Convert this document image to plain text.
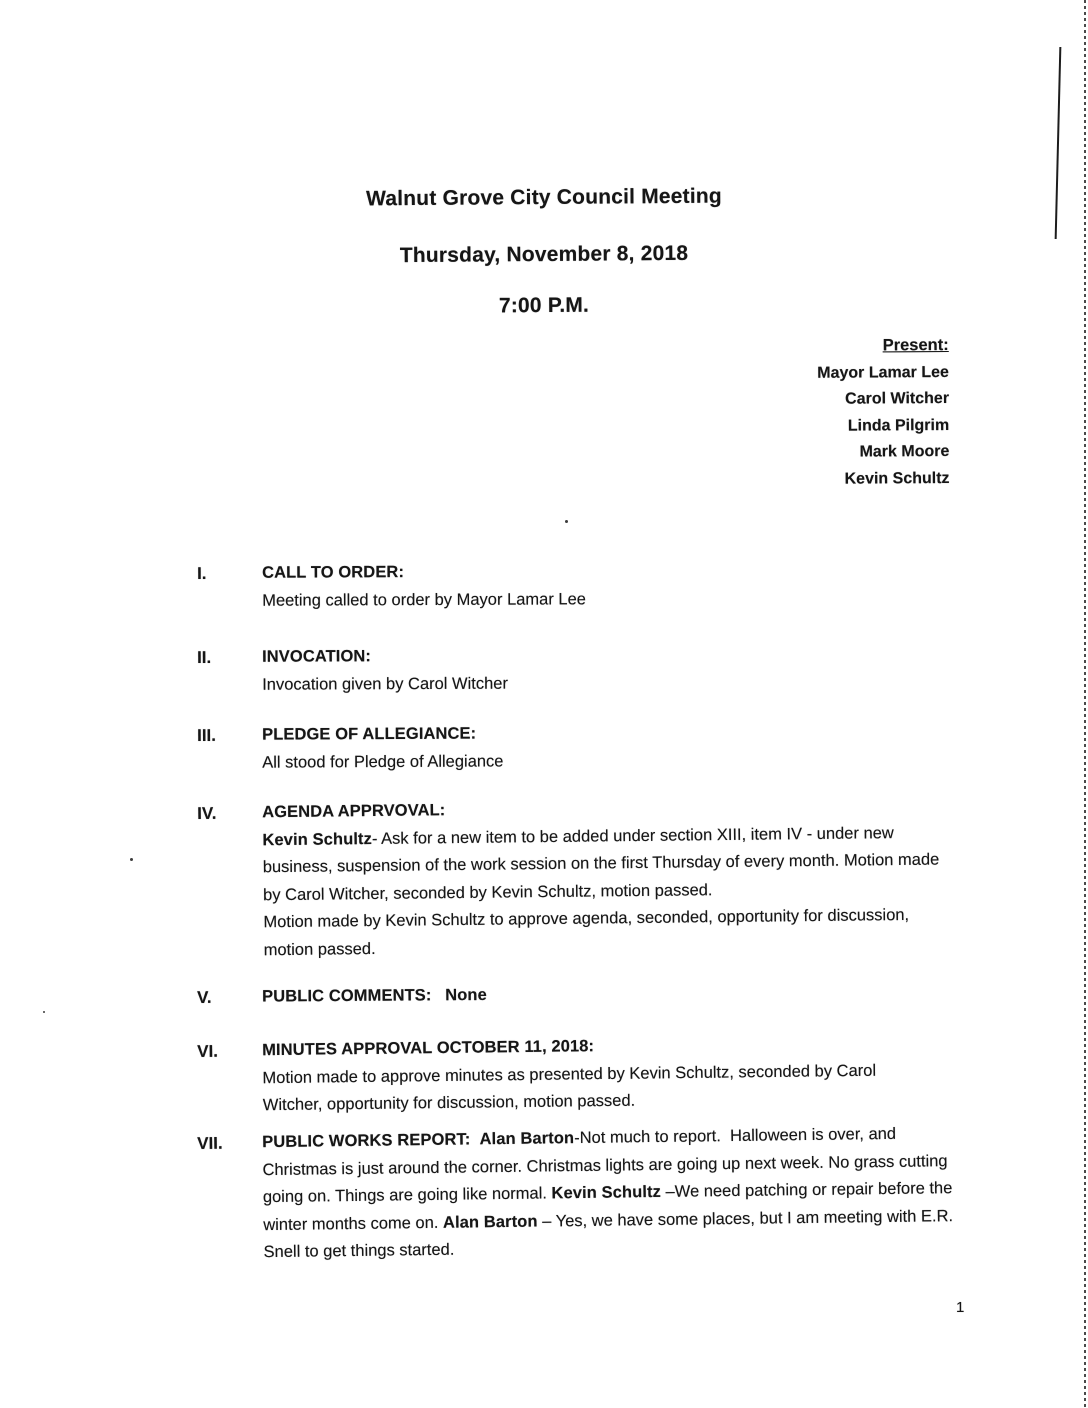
Walnut Grove City Council Meeting
Thursday, November 8, 2018
7:00 P.M.
Present:
Mayor Lamar Lee
Carol Witcher
Linda Pilgrim
Mark Moore
Kevin Schultz
I.	CALL TO ORDER:

Meeting called to order by Mayor Lamar Lee

II.	INVOCATION:

Invocation given by Carol Witcher

III.	PLEDGE OF ALLEGIANCE:

All stood for Pledge of Allegiance

IV.	AGENDA APPRVOVAL:

Kevin Schultz- Ask for a new item to be added under section XIII, item IV - under new business, suspension of the work session on the first Thursday of every month. Motion made by Carol Witcher, seconded by Kevin Schultz, motion passed.

Motion made by Kevin Schultz to approve agenda, seconded, opportunity for discussion, motion passed.

V.	PUBLIC COMMENTS: None

VI.	MINUTES APPROVAL OCTOBER 11, 2018:

Motion made to approve minutes as presented by Kevin Schultz, seconded by Carol Witcher, opportunity for discussion, motion passed.

VII. PUBLIC WORKS REPORT: Alan Barton-Not much to report.  Halloween is over, and Christmas is just around the corner. Christmas lights are going up next week. No grass cutting going on. Things are going like normal. Kevin Schultz –We need patching or repair before the winter months come on. Alan Barton – Yes, we have some places, but I am meeting with E.R. Snell to get things started.

1
